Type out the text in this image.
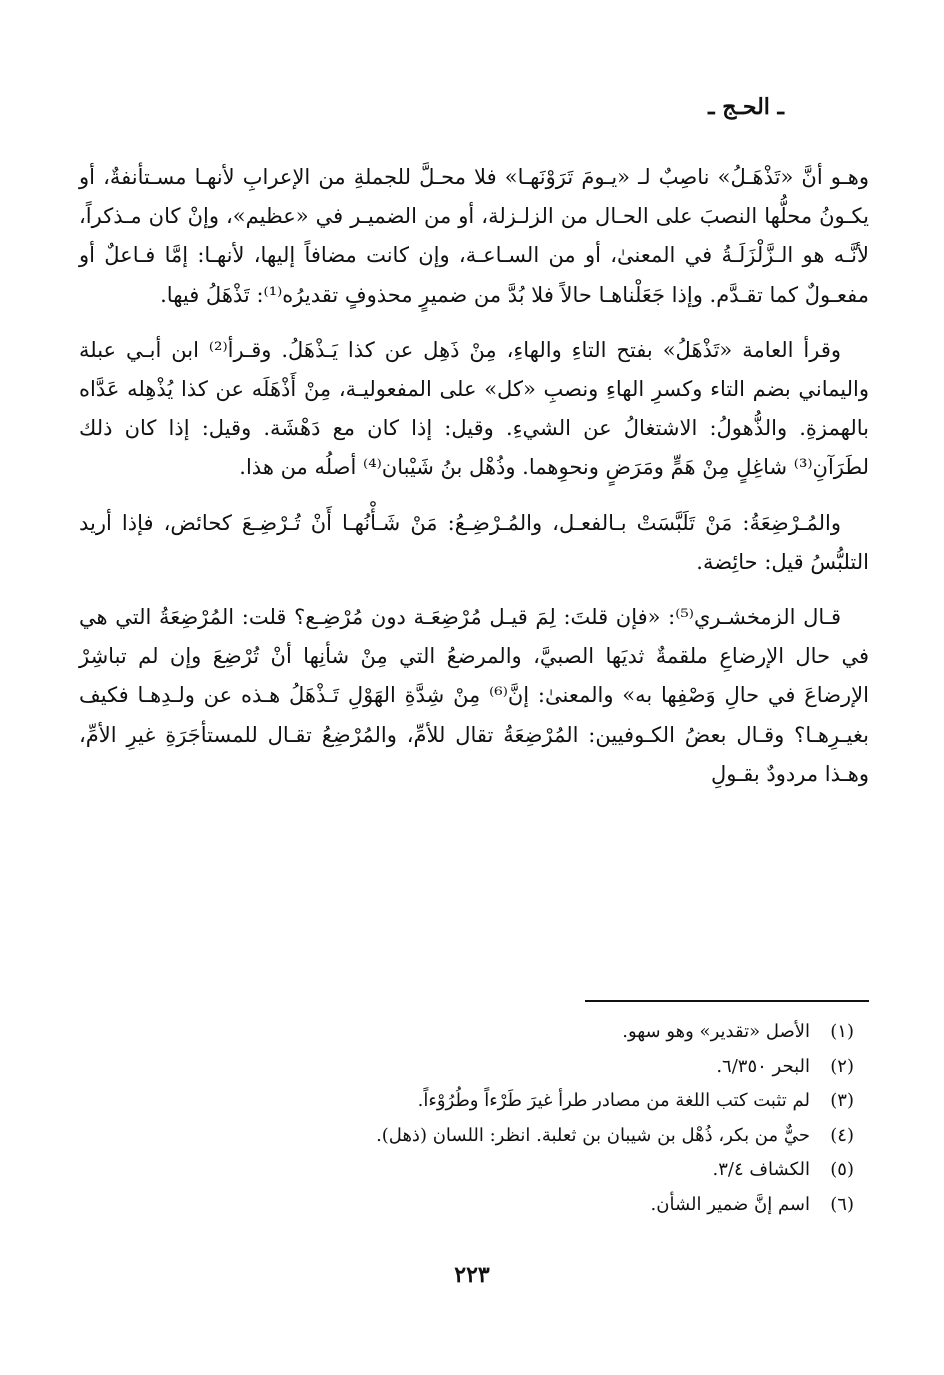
ـ الحـج ـ

وهـو أنَّ «تَذْهَـلُ» ناصِبٌ لـ «يـومَ تَرَوْنَهـا» فلا محـلَّ للجملةِ من الإعرابِ لأنهـا مسـتأنفةٌ، أو يكـونُ محلُّها النصبَ على الحـال من الزلـزلة، أو من الضميـر في «عظيم»، وإنْ كان مـذكراً، لأنَّـه هو الـزَّلْزَلَـةُ في المعنىٰ، أو من السـاعـة، وإن كانت مضافاً إليها، لأنهـا: إمَّا فـاعلٌ أو مفعـولٌ كما تقـدَّم. وإذا جَعَلْناهـا حالاً فلا بُدَّ من ضميرٍ محذوفٍ تقديرُه⁽¹⁾: تَذْهَلُ فيها.

وقرأ العامة «تَذْهَلُ» بفتح التاءِ والهاءِ، مِنْ ذَهِل عن كذا يَـذْهَلُ. وقـرأ⁽²⁾ ابن أبـي عبلة واليماني بضم التاء وكسرِ الهاءِ ونصبِ «كل» على المفعوليـة، مِنْ أَذْهَلَه عن كذا يُذْهِله عَدَّاه بالهمزةِ. والذُّهولُ: الاشتغالُ عن الشيءِ. وقيل: إذا كان مع دَهْشَة. وقيل: إذا كان ذلك لطَرَآنِ⁽³⁾ شاغِلٍ مِنْ هَمٍّ ومَرَضٍ ونحوِهما. وذُهْل بنُ شَيْبان⁽⁴⁾ أصلُه من هذا.

والمُـرْضِعَةُ: مَنْ تَلَبَّسَتْ بـالفعـل، والمُـرْضِـعُ: مَنْ شَـأْنُهـا أَنْ تُـرْضِـعَ كحائض، فإذا أريد التلبُّسُ قيل: حائِضة.

قـال الزمخشـري⁽⁵⁾: «فإن قلتَ: لِمَ قيـل مُرْضِعَـة دون مُرْضِـع؟ قلت: المُرْضِعَةُ التي هي في حال الإرضاعِ ملقمةٌ ثديَها الصبيَّ، والمرضعُ التي مِنْ شأنِها أنْ تُرْضِعَ وإن لم تباشِرْ الإرضاعَ في حالِ وَصْفِها به» والمعنىٰ: إنَّ⁽⁶⁾ مِنْ شِدَّةِ الهَوْلِ تَـذْهَلُ هـذه عن ولـدِهـا فكيف بغيـرِهـا؟ وقـال بعضُ الكـوفيين: المُرْضِعَةُ تقال للأمِّ، والمُرْضِعُ تقـال للمستأجَرَةِ غيرِ الأمِّ، وهـذا مردودٌ بقـولِ

(١)
الأصل «تقدير» وهو سهو.
(٢)
البحر ٦/٣٥٠.
(٣)
لم تثبت كتب اللغة من مصادر طرأ غيرَ طَرْءاً وطُرُوْءاً.
(٤)
حيٌّ من بكر، ذُهْل بن شيبان بن ثعلبة. انظر: اللسان (ذهل).
(٥)
الكشاف ٣/٤.
(٦)
اسم إنَّ ضمير الشأن.
٢٢٣
